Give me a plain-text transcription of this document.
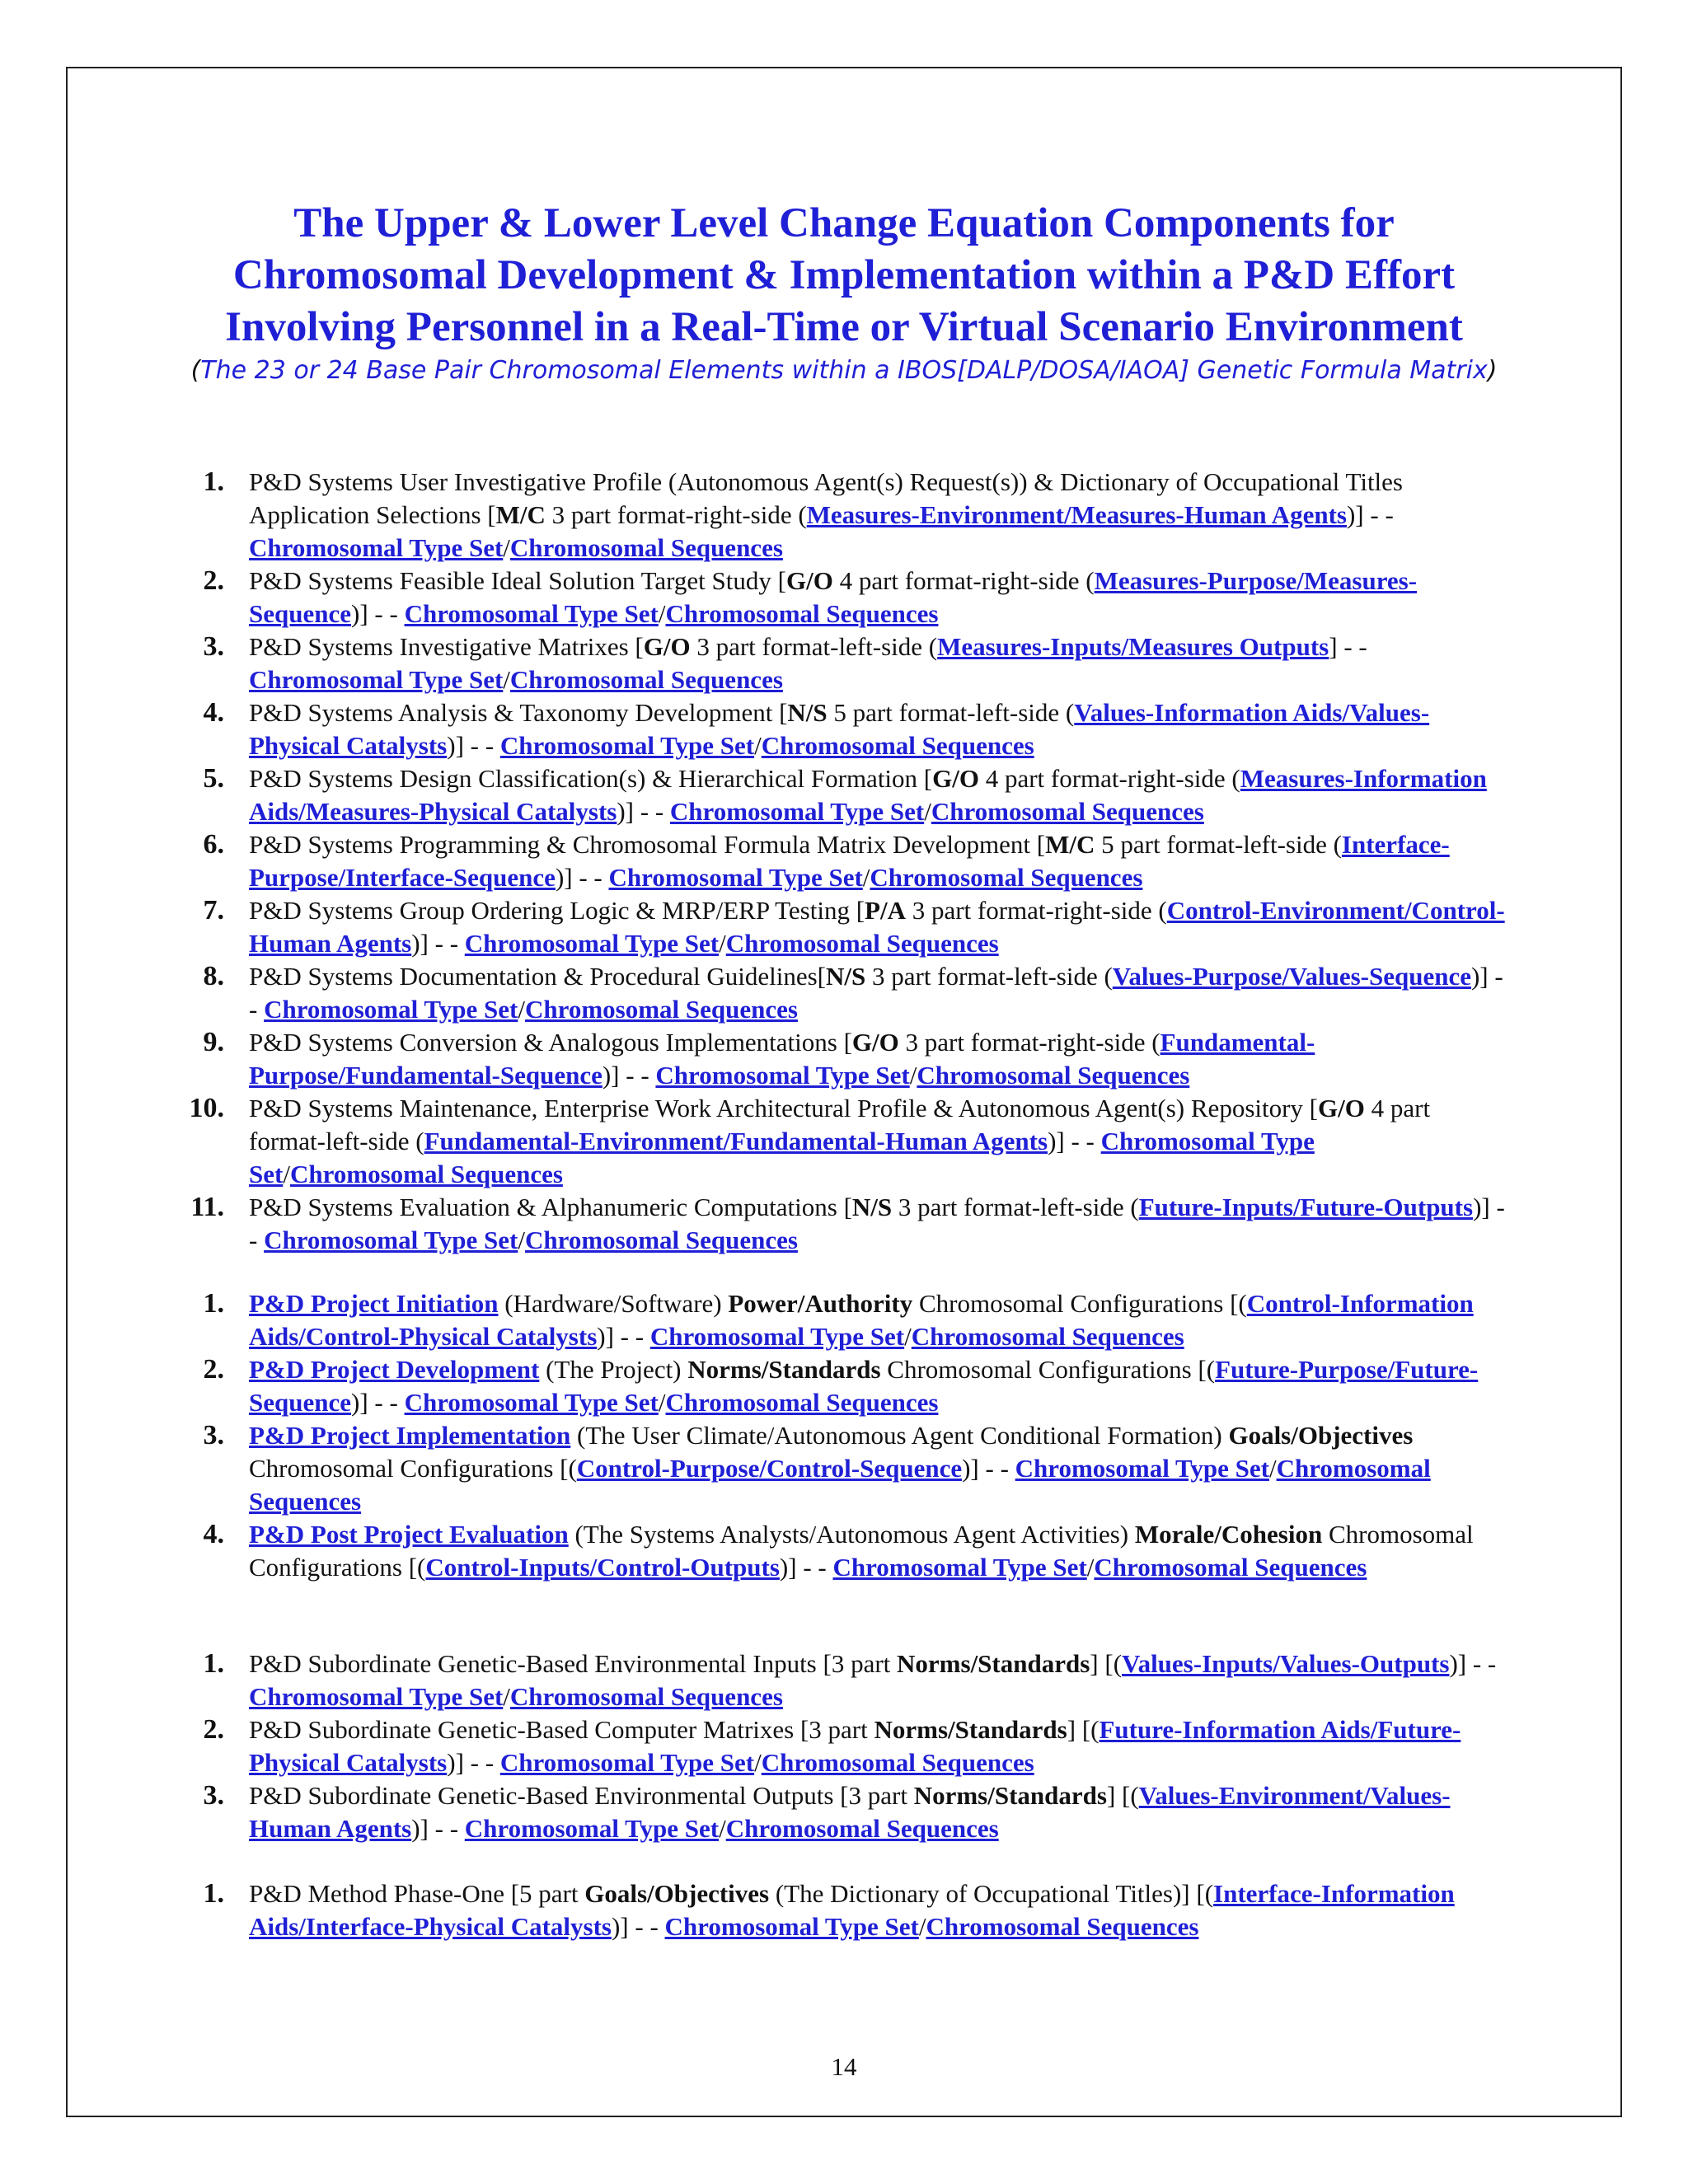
The Upper & Lower Level Change Equation Components for
Chromosomal Development & Implementation within a P&D Effort
Involving Personnel in a Real-Time or Virtual Scenario Environment
(The 23 or 24 Base Pair Chromosomal Elements within a IBOS[DALP/DOSA/IAOA] Genetic Formula Matrix)
1. P&D Systems User Investigative Profile (Autonomous Agent(s) Request(s)) & Dictionary of Occupational Titles Application Selections [M/C 3 part format-right-side (Measures-Environment/Measures-Human Agents)] - - Chromosomal Type Set/Chromosomal Sequences
2. P&D Systems Feasible Ideal Solution Target Study [G/O 4 part format-right-side (Measures-Purpose/Measures-Sequence)] - - Chromosomal Type Set/Chromosomal Sequences
3. P&D Systems Investigative Matrixes [G/O 3 part format-left-side (Measures-Inputs/Measures Outputs] - - Chromosomal Type Set/Chromosomal Sequences
4. P&D Systems Analysis & Taxonomy Development [N/S 5 part format-left-side (Values-Information Aids/Values-Physical Catalysts)] - - Chromosomal Type Set/Chromosomal Sequences
5. P&D Systems Design Classification(s) & Hierarchical Formation [G/O 4 part format-right-side (Measures-Information Aids/Measures-Physical Catalysts)] - - Chromosomal Type Set/Chromosomal Sequences
6. P&D Systems Programming & Chromosomal Formula Matrix Development [M/C 5 part format-left-side (Interface-Purpose/Interface-Sequence)] - - Chromosomal Type Set/Chromosomal Sequences
7. P&D Systems Group Ordering Logic & MRP/ERP Testing [P/A 3 part format-right-side (Control-Environment/Control-Human Agents)] - - Chromosomal Type Set/Chromosomal Sequences
8. P&D Systems Documentation & Procedural Guidelines[N/S 3 part format-left-side (Values-Purpose/Values-Sequence)] - - Chromosomal Type Set/Chromosomal Sequences
9. P&D Systems Conversion & Analogous Implementations [G/O 3 part format-right-side (Fundamental-Purpose/Fundamental-Sequence)] - - Chromosomal Type Set/Chromosomal Sequences
10. P&D Systems Maintenance, Enterprise Work Architectural Profile & Autonomous Agent(s) Repository [G/O 4 part format-left-side (Fundamental-Environment/Fundamental-Human Agents)] - - Chromosomal Type Set/Chromosomal Sequences
11. P&D Systems Evaluation & Alphanumeric Computations [N/S 3 part format-left-side (Future-Inputs/Future-Outputs)] - - Chromosomal Type Set/Chromosomal Sequences
1. P&D Project Initiation (Hardware/Software) Power/Authority Chromosomal Configurations [(Control-Information Aids/Control-Physical Catalysts)] - - Chromosomal Type Set/Chromosomal Sequences
2. P&D Project Development (The Project) Norms/Standards Chromosomal Configurations [(Future-Purpose/Future-Sequence)] - - Chromosomal Type Set/Chromosomal Sequences
3. P&D Project Implementation (The User Climate/Autonomous Agent Conditional Formation) Goals/Objectives Chromosomal Configurations [(Control-Purpose/Control-Sequence)] - - Chromosomal Type Set/Chromosomal Sequences
4. P&D Post Project Evaluation (The Systems Analysts/Autonomous Agent Activities) Morale/Cohesion Chromosomal Configurations [(Control-Inputs/Control-Outputs)] - - Chromosomal Type Set/Chromosomal Sequences
1. P&D Subordinate Genetic-Based Environmental Inputs [3 part Norms/Standards] [(Values-Inputs/Values-Outputs)] - - Chromosomal Type Set/Chromosomal Sequences
2. P&D Subordinate Genetic-Based Computer Matrixes [3 part Norms/Standards] [(Future-Information Aids/Future-Physical Catalysts)] - - Chromosomal Type Set/Chromosomal Sequences
3. P&D Subordinate Genetic-Based Environmental Outputs [3 part Norms/Standards] [(Values-Environment/Values-Human Agents)] - - Chromosomal Type Set/Chromosomal Sequences
1. P&D Method Phase-One [5 part Goals/Objectives (The Dictionary of Occupational Titles)] [(Interface-Information Aids/Interface-Physical Catalysts)] - - Chromosomal Type Set/Chromosomal Sequences
14
